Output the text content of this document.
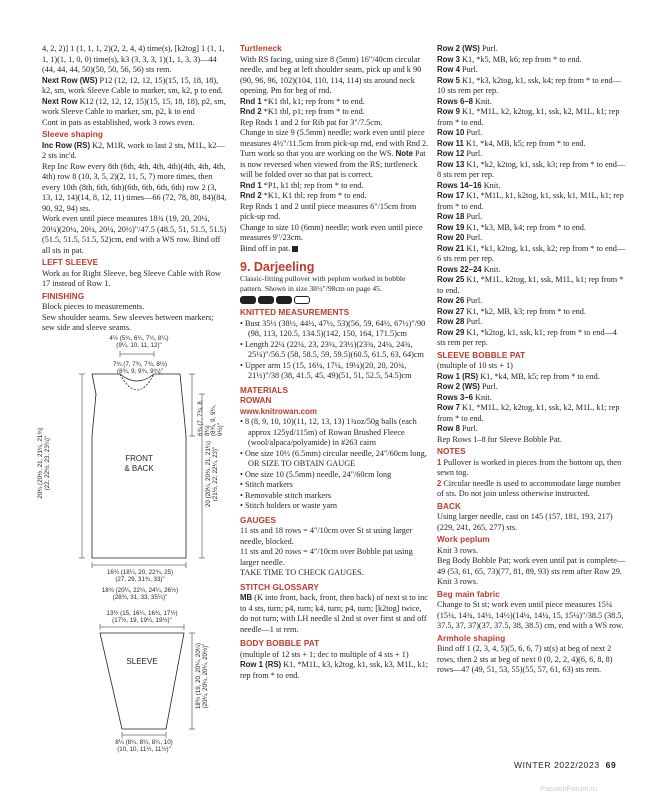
4, 2, 2)] 1 (1, 1, 1, 2)(2, 2, 4, 4) time(s), [k2tog] 1 (1, 1, 1, 1)(1, 1, 0, 0) time(s), k3 (3, 3, 3, 1)(1, 1, 3, 3)—44 (44, 44, 44, 50)(50, 50, 56, 56) sts rem.
Next Row (WS) P12 (12, 12, 12, 15)(15, 15, 18, 18), k2, sm, work Sleeve Cable to marker, sm, k2, p to end.
Next Row K12 (12, 12, 12, 15)(15, 15, 18, 18), p2, sm, work Sleeve Cable to marker, sm, p2, k to end
Cont in pats as established, work 3 rows even.
Sleeve shaping
Inc Row (RS) K2, M1R, work to last 2 sts, M1L, k2—2 sts inc'd.
Rep Inc Row every 8th (6th, 4th, 4th, 4th)(4th, 4th, 4th, 4th) row 8 (10, 3, 5, 2)(2, 11, 5, 7) more times, then every 10th (8th, 6th, 6th)(6th, 6th, 6th, 6th) row 2 (3, 13, 12, 14)(14, 8, 12, 11) times—66 (72, 78, 80, 84)(84, 90, 92, 94) sts.
Work even until piece measures 18¾ (19, 20, 20¼, 20¼)(20¼, 20¼, 20¼, 20½)"/47.5 (48.5, 51, 51.5, 51.5)(51.5, 51.5, 51.5, 52)cm, end with a WS row. Bind off all sts in pat.
LEFT SLEEVE
Work as for Right Sleeve, beg Sleeve Cable with Row 17 instead of Row 1.
FINISHING
Block pieces to measurements.
Sew shoulder seams. Sew sleeves between markers; sew side and sleeve seams.
4½ (5¾, 6¼, 7¼, 8¼)
(9¼, 10, 11, 12)"
7¾ (7, 7¾, 7¾, 8½)
(8¾, 9, 9¾, 9¾)"
FRONT
& BACK
6¾ (7, 7¾, 8, 8¼)
(8¾, 9, 9¼, 9½)"
20¼ (20½, 21, 21¼, 21¾)
(22, 22½, 23, 23¼)"
20 (20¼, 20¾, 21, 21¼)
(21½, 22, 22¼, 23)"
16¾ (18¼, 20, 22¾, 25)
(27, 29, 31¾, 33)"
18¾ (20¼, 22¼, 24¼, 26½)
(28¾, 31, 33, 35¼)"
13½ (15, 16¼, 16¾, 17½)
(17½, 19, 19¼, 19½)"
SLEEVE
18¾ (19, 20, 20¼, 20¼)
(20¼, 20¼, 20¼, 20½)"
8¼ (8¼, 8¼, 8¼, 10)
(10, 10, 11½, 11½)"
Turtleneck
With RS facing, using size 8 (5mm) 16"/40cm circular needle, and beg at left shoulder seam, pick up and k 90 (90, 96, 96, 102)(104, 110, 114, 114) sts around neck opening. Pm for beg of rnd.
Rnd 1 *K1 tbl, k1; rep from * to end.
Rnd 2 *K1 tbl, p1; rep from * to end.
Rep Rnds 1 and 2 for Rib pat for 3"/7.5cm.
Change to size 9 (5.5mm) needle; work even until piece measures 4½"/11.5cm from pick-up rnd, end with Rnd 2.
Turn work so that you are working on the WS. Note Pat is now reversed when viewed from the RS; turtleneck will be folded over so that pat is correct.
Rnd 1 *P1, k1 tbl; rep from * to end.
Rnd 2 *K1, K1 tbl; rep from * to end.
Rep Rnds 1 and 2 until piece measures 6"/15cm from pick-up rnd.
Change to size 10 (6mm) needle; work even until piece measures 9"/23cm.
Bind off in pat.
9. Darjeeling
Classic-fitting pullover with peplum worked in bobble pattern. Shown in size 38½"/98cm on page 45.
KNITTED MEASUREMENTS
• Bust 35½ (38½, 44½, 47½, 53)(56, 59, 64½, 67½)"/90 (98, 113, 120.5, 134.5)(142, 150, 164, 171.5)cm
• Length 22¼ (22¼, 23, 23¼, 23½)(23¾, 24¼, 24¾, 25¼)"/56.5 (58, 58.5, 59, 59.5)(60.5, 61.5, 63, 64)cm
• Upper arm 15 (15, 16¼, 17¼, 19¼)(20, 20, 20¾, 21½)"/38 (38, 41.5, 45, 49)(51, 51, 52.5, 54.5)cm
MATERIALS
ROWAN
www.knitrowan.com
• 8 (8, 9, 10, 10)(11, 12, 13, 13) 1¾oz/50g balls (each approx 125yd/115m) of Rowan Brushed Fleece (wool/alpaca/polyamide) in #263 cairn
• One size 10½ (6.5mm) circular needle, 24"/60cm long, OR SIZE TO OBTAIN GAUGE
• One size 10 (5.5mm) needle, 24"/60cm long
• Stitch markers
• Removable stitch markers
• Stitch holders or waste yarn
GAUGES
11 sts and 18 rows = 4"/10cm over St st using larger needle, blocked.
11 sts and 20 rows = 4"/10cm over Bobble pat using larger needle.
TAKE TIME TO CHECK GAUGES.
STITCH GLOSSARY
MB (K into front, back, front, then back) of next st to inc to 4 sts, turn; p4, turn; k4, turn; p4, turn; [k2tog] twice, do not turn; with LH needle sl 2nd st over first st and off needle—1 st rem.
BODY BOBBLE PAT
(multiple of 12 sts + 1; dec to multiple of 4 sts + 1)
Row 1 (RS) K1, *M1L, k3, k2tog, k1, ssk, k3, M1L, k1; rep from * to end.
Row 2 (WS) Purl.
Row 3 K1, *k5, MB, k6; rep from * to end.
Row 4 Purl.
Row 5 K1, *k3, k2tog, k1, ssk, k4; rep from * to end—10 sts rem per rep.
Rows 6–8 Knit.
Row 9 K1, *M1L, k2, k2tog, k1, ssk, k2, M1L, k1; rep from * to end.
Row 10 Purl.
Row 11 K1, *k4, MB, k5; rep from * to end.
Row 12 Purl.
Row 13 K1, *k2, k2tog, k1, ssk, k3; rep from * to end—8 sts rem per rep.
Rows 14–16 Knit.
Row 17 K1, *M1L, k1, k2tog, k1, ssk, k1, M1L, k1; rep from * to end.
Row 18 Purl.
Row 19 K1, *k3, MB, k4; rep from * to end.
Row 20 Purl.
Row 21 K1, *k1, k2tog, k1, ssk, k2; rep from * to end—6 sts rem per rep.
Rows 22–24 Knit.
Row 25 K1, *M1L, k2tog, k1, ssk, M1L, k1; rep from * to end.
Row 26 Purl.
Row 27 K1, *k2, MB, k3; rep from * to end.
Row 28 Purl.
Row 29 K1, *k2tog, k1, ssk, k1; rep from * to end—4 sts rem per rep.
SLEEVE BOBBLE PAT
(multiple of 10 sts + 1)
Row 1 (RS) K1, *k4, MB, k5; rep from * to end.
Row 2 (WS) Purl.
Rows 3–6 Knit.
Row 7 K1, *M1L, k2, k2tog, k1, ssk, k2, M1L, k1; rep from * to end.
Row 8 Purl.
Rep Rows 1–8 for Sleeve Bobble Pat.
NOTES
1 Pullover is worked in pieces from the bottom up, then sewn tog.
2 Circular needle is used to accommodate large number of sts. Do not join unless otherwise instructed.
BACK
Using larger needle, cast on 145 (157, 181, 193, 217)(229, 241, 265, 277) sts.
Work peplum
Knit 3 rows.
Beg Body Bobble Pat; work even until pat is complete—49 (53, 61, 65, 73)(77, 81, 89, 93) sts rem after Row 29.
Knit 3 rows.
Beg main fabric
Change to St st; work even until piece measures 15¼ (15¼, 14¾, 14½, 14½)(14¼, 14¼, 15, 15¼)"/38.5 (38.5, 37.5, 37, 37)(37, 37.5, 38, 38.5) cm, end with a WS row.
Armhole shaping
Bind off 1 (2, 3, 4, 5)(5, 6, 6, 7) st(s) at beg of next 2 rows, then 2 sts at beg of next 0 (0, 2, 2, 4)(6, 6, 8, 8) rows—47 (49, 51, 53, 55)(55, 57, 61, 63) sts rem.
WINTER 2022/2023 69
PassionForum.ru
